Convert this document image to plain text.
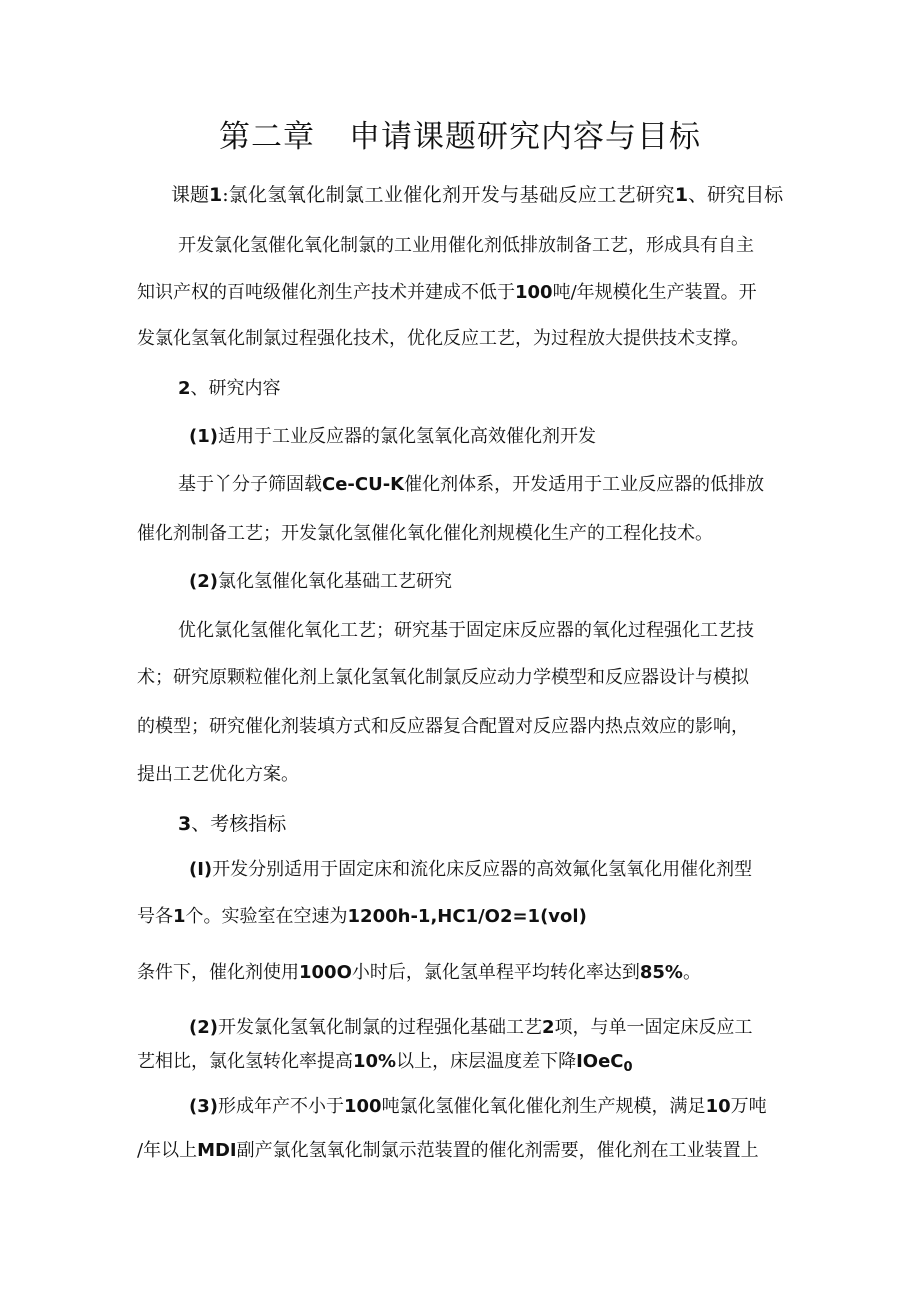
第二章 申请课题研究内容与目标
课题1:氯化氢氧化制氯工业催化剂开发与基础反应工艺研究1、研究目标
开发氯化氢催化氧化制氯的工业用催化剂低排放制备工艺，形成具有自主
知识产权的百吨级催化剂生产技术并建成不低于100吨/年规模化生产装置。开
发氯化氢氧化制氯过程强化技术，优化反应工艺，为过程放大提供技术支撑。
2、研究内容
(1)适用于工业反应器的氯化氢氧化高效催化剂开发
基于丫分子筛固载Ce-CU-K催化剂体系，开发适用于工业反应器的低排放
催化剂制备工艺；开发氯化氢催化氧化催化剂规模化生产的工程化技术。
(2)氯化氢催化氧化基础工艺研究
优化氯化氢催化氧化工艺；研究基于固定床反应器的氧化过程强化工艺技
术；研究原颗粒催化剂上氯化氢氧化制氯反应动力学模型和反应器设计与模拟
的模型；研究催化剂装填方式和反应器复合配置对反应器内热点效应的影响，
提出工艺优化方案。
3、考核指标
(I)开发分别适用于固定床和流化床反应器的高效氟化氢氧化用催化剂型
号各1个。实验室在空速为1200h-1,HC1/O2=1(vol)
条件下，催化剂使用100O小时后，氯化氢单程平均转化率达到85%。
(2)开发氯化氢氧化制氯的过程强化基础工艺2项，与单一固定床反应工
艺相比，氯化氢转化率提高10%以上，床层温度差下降IOeC$_0$
(3)形成年产不小于100吨氯化氢催化氧化催化剂生产规模，满足10万吨
/年以上MDI副产氯化氢氧化制氯示范装置的催化剂需要，催化剂在工业装置上
